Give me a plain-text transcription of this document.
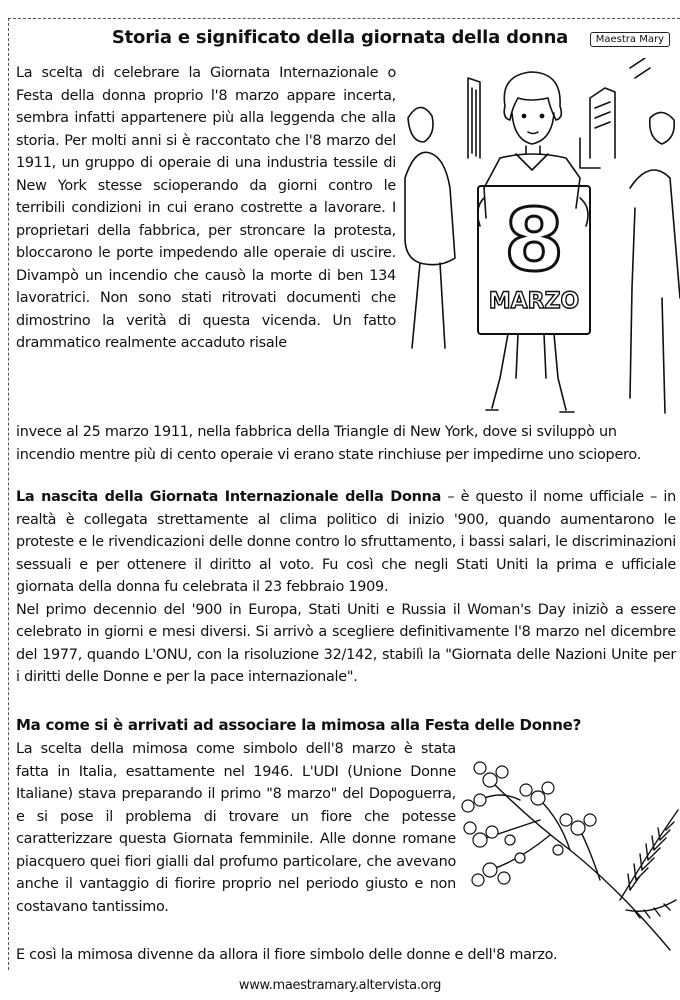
Storia e significato della giornata della donna	Maestra Mary
La scelta di celebrare la Giornata Internazionale o Festa della donna proprio l'8 marzo appare incerta, sembra infatti appartenere più alla leggenda che alla storia. Per molti anni si è raccontato che l'8 marzo del 1911, un gruppo di operaie di una industria tessile di New York stesse scioperando da giorni contro le terribili condizioni in cui erano costrette a lavorare. I proprietari della fabbrica, per stroncare la protesta, bloccarono le porte impedendo alle operaie di uscire. Divampò un incendio che causò la morte di ben 134 lavoratrici. Non sono stati ritrovati documenti che dimostrino la verità di questa vicenda. Un fatto drammatico realmente accaduto risale
8
MARZO
invece al 25 marzo 1911, nella fabbrica della Triangle di New York, dove si sviluppò un
incendio mentre più di cento operaie vi erano state rinchiuse per impedirne uno sciopero.
La nascita della Giornata Internazionale della Donna – è questo il nome ufficiale – in realtà è collegata strettamente al clima politico di inizio '900, quando aumentarono le proteste e le rivendicazioni delle donne contro lo sfruttamento, i bassi salari, le discriminazioni sessuali e per ottenere il diritto al voto. Fu così che negli Stati Uniti la prima e ufficiale giornata della donna fu celebrata il 23 febbraio 1909.
Nel primo decennio del '900 in Europa, Stati Uniti e Russia il Woman's Day iniziò a essere celebrato in giorni e mesi diversi. Si arrivò a scegliere definitivamente l'8 marzo nel dicembre del 1977, quando L'ONU, con la risoluzione 32/142, stabilì la "Giornata delle Nazioni Unite per i diritti delle Donne e per la pace internazionale".
Ma come si è arrivati ad associare la mimosa alla Festa delle Donne?
La scelta della mimosa come simbolo dell'8 marzo è stata fatta in Italia, esattamente nel 1946. L'UDI (Unione Donne Italiane) stava preparando il primo "8 marzo" del Dopoguerra, e si pose il problema di trovare un fiore che potesse caratterizzare questa Giornata femminile. Alle donne romane piacquero quei fiori gialli dal profumo particolare, che avevano anche il vantaggio di fiorire proprio nel periodo giusto e non costavano tantissimo.
E così la mimosa divenne da allora il fiore simbolo delle donne e dell'8 marzo.
www.maestramary.altervista.org
